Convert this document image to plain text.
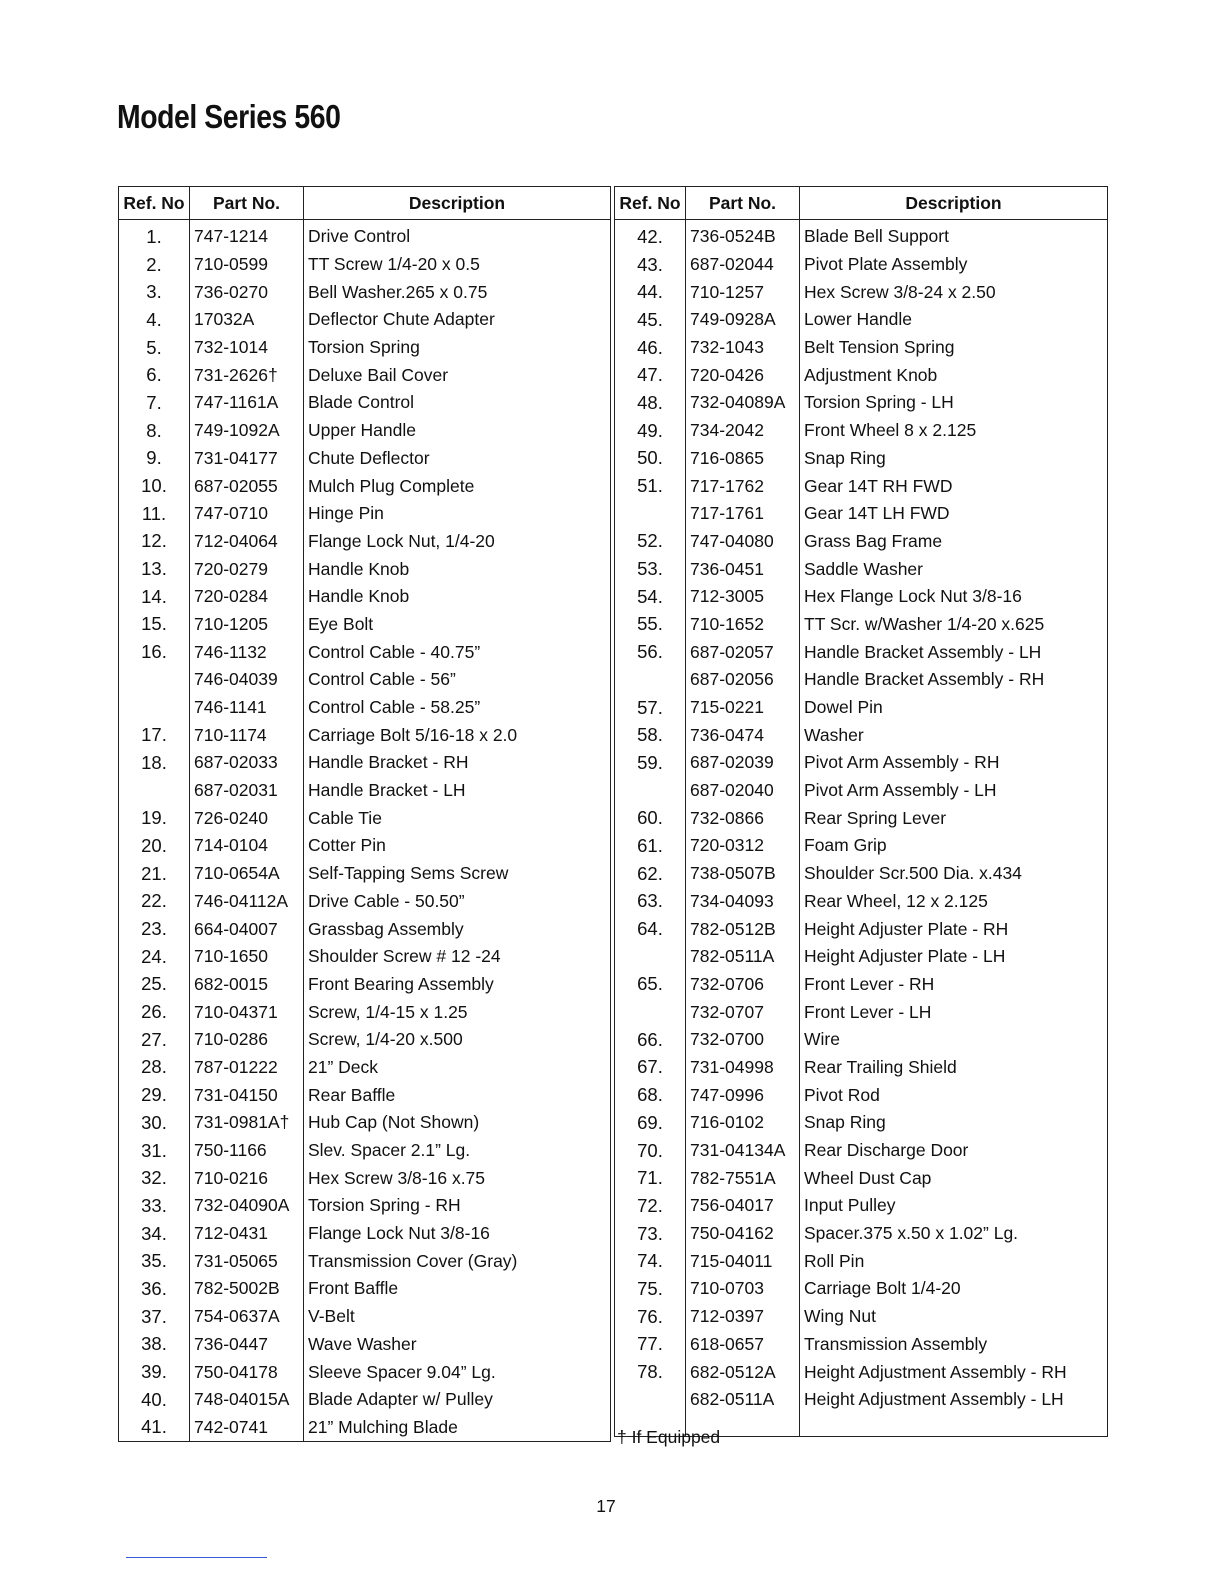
Model Series 560
Ref. No	Part No.	Description
1.	747-1214	Drive Control
2.	710-0599	TT Screw 1/4-20 x 0.5
3.	736-0270	Bell Washer.265 x 0.75
4.	17032A	Deflector Chute Adapter
5.	732-1014	Torsion Spring
6.	731-2626†	Deluxe Bail Cover
7.	747-1161A	Blade Control
8.	749-1092A	Upper Handle
9.	731-04177	Chute Deflector
10.	687-02055	Mulch Plug Complete
11.	747-0710	Hinge Pin
12.	712-04064	Flange Lock Nut, 1/4-20
13.	720-0279	Handle Knob
14.	720-0284	Handle Knob
15.	710-1205	Eye Bolt
16.	746-1132	Control Cable - 40.75”
	746-04039	Control Cable - 56”
	746-1141	Control Cable - 58.25”
17.	710-1174	Carriage Bolt 5/16-18 x 2.0
18.	687-02033	Handle Bracket - RH
	687-02031	Handle Bracket - LH
19.	726-0240	Cable Tie
20.	714-0104	Cotter Pin
21.	710-0654A	Self-Tapping Sems Screw
22.	746-04112A	Drive Cable - 50.50”
23.	664-04007	Grassbag Assembly
24.	710-1650	Shoulder Screw # 12 -24
25.	682-0015	Front Bearing Assembly
26.	710-04371	Screw, 1/4-15 x 1.25
27.	710-0286	Screw, 1/4-20 x.500
28.	787-01222	21” Deck
29.	731-04150	Rear Baffle
30.	731-0981A†	Hub Cap (Not Shown)
31.	750-1166	Slev. Spacer 2.1” Lg.
32.	710-0216	Hex Screw 3/8-16 x.75
33.	732-04090A	Torsion Spring - RH
34.	712-0431	Flange Lock Nut 3/8-16
35.	731-05065	Transmission Cover (Gray)
36.	782-5002B	Front Baffle
37.	754-0637A	V-Belt
38.	736-0447	Wave Washer
39.	750-04178	Sleeve Spacer 9.04” Lg.
40.	748-04015A	Blade Adapter w/ Pulley
41.	742-0741	21” Mulching Blade
Ref. No	Part No.	Description
42.	736-0524B	Blade Bell Support
43.	687-02044	Pivot Plate Assembly
44.	710-1257	Hex Screw 3/8-24 x 2.50
45.	749-0928A	Lower Handle
46.	732-1043	Belt Tension Spring
47.	720-0426	Adjustment Knob
48.	732-04089A	Torsion Spring - LH
49.	734-2042	Front Wheel 8 x 2.125
50.	716-0865	Snap Ring
51.	717-1762	Gear 14T RH FWD
	717-1761	Gear 14T LH FWD
52.	747-04080	Grass Bag Frame
53.	736-0451	Saddle Washer
54.	712-3005	Hex Flange Lock Nut 3/8-16
55.	710-1652	TT Scr. w/Washer 1/4-20 x.625
56.	687-02057	Handle Bracket Assembly - LH
	687-02056	Handle Bracket Assembly - RH
57.	715-0221	Dowel Pin
58.	736-0474	Washer
59.	687-02039	Pivot Arm Assembly - RH
	687-02040	Pivot Arm Assembly - LH
60.	732-0866	Rear Spring Lever
61.	720-0312	Foam Grip
62.	738-0507B	Shoulder Scr.500 Dia. x.434
63.	734-04093	Rear Wheel, 12 x 2.125
64.	782-0512B	Height Adjuster Plate - RH
	782-0511A	Height Adjuster Plate - LH
65.	732-0706	Front Lever - RH
	732-0707	Front Lever - LH
66.	732-0700	Wire
67.	731-04998	Rear Trailing Shield
68.	747-0996	Pivot Rod
69.	716-0102	Snap Ring
70.	731-04134A	Rear Discharge Door
71.	782-7551A	Wheel Dust Cap
72.	756-04017	Input Pulley
73.	750-04162	Spacer.375 x.50 x 1.02” Lg.
74.	715-04011	Roll Pin
75.	710-0703	Carriage Bolt 1/4-20
76.	712-0397	Wing Nut
77.	618-0657	Transmission Assembly
78.	682-0512A	Height Adjustment Assembly - RH
	682-0511A	Height Adjustment Assembly - LH

† If Equipped

17
